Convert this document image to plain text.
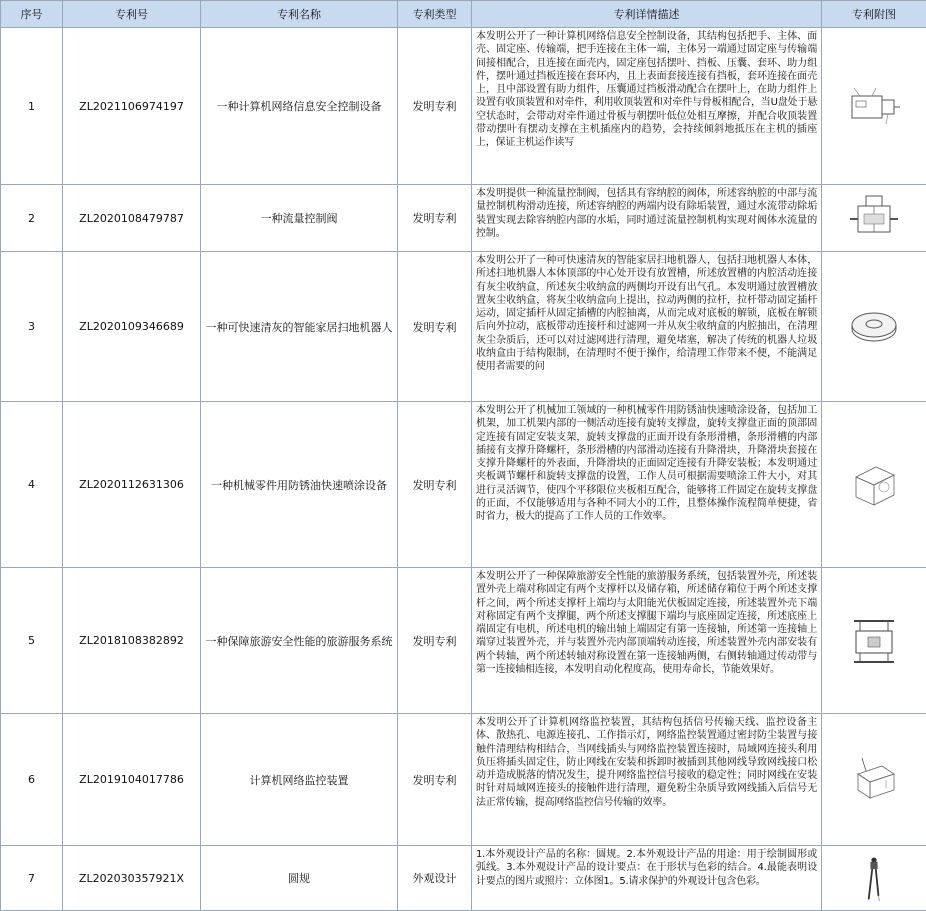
序号	专利号	专利名称	专利类型	专利详情描述	专利附图
1	ZL2021106974197	一种计算机网络信息安全控制设备	发明专利	本发明公开了一种计算机网络信息安全控制设备，其结构包括把手、主体、面壳、固定座、传输端，把手连接在主体一端，主体另一端通过固定座与传输端间接相配合，且连接在面壳内，固定座包括摆叶、挡板、压囊、套环、助力组件，摆叶通过挡板连接在套环内，且上表面套接连接有挡板，套环连接在面壳上，且中部设置有助力组件，压囊通过挡板滑动配合在摆叶上，在助力组件上设置有收顶装置和对牵件，利用收顶装置和对牵件与骨板相配合，当U盘处于悬空状态时，会带动对牵件通过骨板与朝摆叶低位处相互摩擦，并配合收顶装置带动摆叶有摆动支撑在主机插座内的趋势，会持续倾斜地抵压在主机的插座上，保证主机运作读写

2	ZL2020108479787	一种流量控制阀	发明专利	本发明提供一种流量控制阀，包括具有容纳腔的阀体，所述容纳腔的中部与流量控制机构滑动连接，所述容纳腔的两端内设有除垢装置，通过水流带动除垢装置实现去除容纳腔内部的水垢，同时通过流量控制机构实现对阀体水流量的控制。

3	ZL2020109346689	一种可快速清灰的智能家居扫地机器人	发明专利	本发明公开了一种可快速清灰的智能家居扫地机器人，包括扫地机器人本体，所述扫地机器人本体顶部的中心处开设有放置槽，所述放置槽的内腔活动连接有灰尘收纳盒，所述灰尘收纳盒的两侧均开设有出气孔。本发明通过放置槽放置灰尘收纳盒，将灰尘收纳盒向上提出，拉动两侧的拉杆，拉杆带动固定插杆运动，固定插杆从固定插槽的内腔抽离，从而完成对底板的解锁，底板在解锁后向外拉动，底板带动连接杆和过滤网一并从灰尘收纳盒的内腔抽出，在清理灰尘杂质后，还可以对过滤网进行清理，避免堵塞，解决了传统的机器人垃圾收纳盒由于结构限制，在清理时不便于操作，给清理工作带来不便，不能满足使用者需要的问

4	ZL2020112631306	一种机械零件用防锈油快速喷涂设备	发明专利	本发明公开了机械加工领域的一种机械零件用防锈油快速喷涂设备，包括加工机架，加工机架内部的一侧活动连接有旋转支撑盘，旋转支撑盘正面的顶部固定连接有固定安装支架，旋转支撑盘的正面开设有条形滑槽，条形滑槽的内部插接有支撑升降螺杆，条形滑槽的内部滑动连接有升降滑块，升降滑块套接在支撑升降螺杆的外表面，升降滑块的正面固定连接有升降安装板；本发明通过夹板调节螺杆和旋转支撑盘的设置，工作人员可根据需要喷涂工件大小，对其进行灵活调节，使四个平移限位夹板相互配合，能够将工件固定在旋转支撑盘的正面，不仅能够适用与各种不同大小的工件，且整体操作流程简单便捷，省时省力，极大的提高了工作人员的工作效率。

5	ZL2018108382892	一种保障旅游安全性能的旅游服务系统	发明专利	本发明公开了一种保障旅游安全性能的旅游服务系统，包括装置外壳，所述装置外壳上端对称固定有两个支撑杆以及储存箱，所述储存箱位于两个所述支撑杆之间，两个所述支撑杆上端均与太阳能光伏板固定连接，所述装置外壳下端对称固定有两个支撑腿，两个所述支撑腿下端均与底座固定连接，所述底座上端固定有电机，所述电机的输出轴上端固定有第一连接轴，所述第一连接轴上端穿过装置外壳，并与装置外壳内部顶端转动连接，所述装置外壳内部安装有两个转轴，两个所述转轴对称设置在第一连接轴两侧，右侧转轴通过传动带与第一连接轴相连接，本发明自动化程度高，使用寿命长，节能效果好。

6	ZL2019104017786	计算机网络监控装置	发明专利	本发明公开了计算机网络监控装置，其结构包括信号传输天线、监控设备主体、散热孔、电源连接孔、工作指示灯，网络监控装置通过密封防尘装置与接触件清理结构相结合，当网线插头与网络监控装置连接时，局域网连接头利用负压将插头固定住，防止网线在安装和拆卸时被插到其他网线导致网线接口松动并造成脱落的情况发生，提升网络监控信号接收的稳定性；同时网线在安装时针对局域网连接头的接触件进行清理，避免粉尘杂质导致网线插入后信号无法正常传输，提高网络监控信号传输的效率。

7	ZL202030357921X	圆规	外观设计	1.本外观设计产品的名称：圆规。2.本外观设计产品的用途：用于绘制圆形或弧线。3.本外观设计产品的设计要点：在于形状与色彩的结合。4.最能表明设计要点的图片或照片：立体图1。5.请求保护的外观设计包含色彩。
